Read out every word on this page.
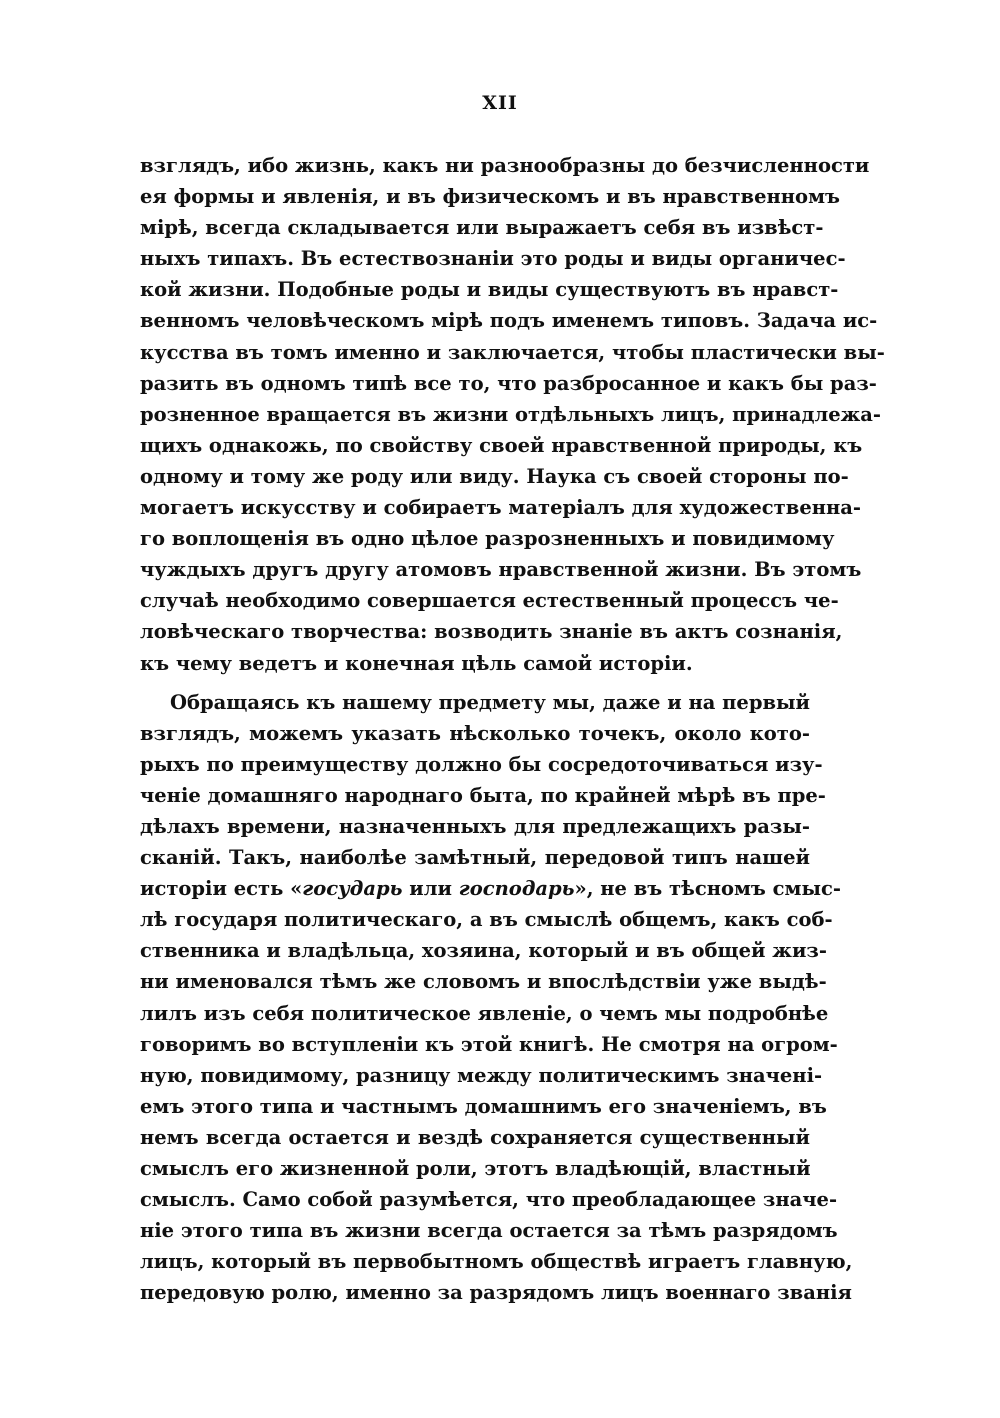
XII
взглядъ, ибо жизнь, какъ ни разнообразны до безчисленности
ея формы и явленія, и въ физическомъ и въ нравственномъ
мірѣ, всегда складывается или выражаетъ себя въ извѣст-
ныхъ типахъ. Въ естествознаніи это роды и виды органичес-
кой жизни. Подобные роды и виды существуютъ въ нравст-
венномъ человѣческомъ мірѣ подъ именемъ типовъ. Задача ис-
кусства въ томъ именно и заключается, чтобы пластически вы-
разить въ одномъ типѣ все то, что разбросанное и какъ бы раз-
розненное вращается въ жизни отдѣльныхъ лицъ, принадлежа-
щихъ однакожь, по свойству своей нравственной природы, къ
одному и тому же роду или виду. Наука съ своей стороны по-
могаетъ искусству и собираетъ матеріалъ для художественна-
го воплощенія въ одно цѣлое разрозненныхъ и повидимому
чуждыхъ другъ другу атомовъ нравственной жизни. Въ этомъ
случаѣ необходимо совершается естественный процессъ че-
ловѣческаго творчества: возводить знаніе въ актъ сознанія,
къ чему ведетъ и конечная цѣль самой исторіи.
Обращаясь къ нашему предмету мы, даже и на первый
взглядъ, можемъ указать нѣсколько точекъ, около кото-
рыхъ по преимуществу должно бы сосредоточиваться изу-
ченіе домашняго народнаго быта, по крайней мѣрѣ въ пре-
дѣлахъ времени, назначенныхъ для предлежащихъ разы-
сканій. Такъ, наиболѣе замѣтный, передовой типъ нашей
исторіи есть «государь или господарь», не въ тѣсномъ смыс-
лѣ государя политическаго, а въ смыслѣ общемъ, какъ соб-
ственника и владѣльца, хозяина, который и въ общей жиз-
ни именовался тѣмъ же словомъ и впослѣдствіи уже выдѣ-
лилъ изъ себя политическое явленіе, о чемъ мы подробнѣе
говоримъ во вступленіи къ этой книгѣ. Не смотря на огром-
ную, повидимому, разницу между политическимъ значені-
емъ этого типа и частнымъ домашнимъ его значеніемъ, въ
немъ всегда остается и вездѣ сохраняется существенный
смыслъ его жизненной роли, этотъ владѣющій, властный
смыслъ. Само собой разумѣется, что преобладающее значе-
ніе этого типа въ жизни всегда остается за тѣмъ разрядомъ
лицъ, который въ первобытномъ обществѣ играетъ главную,
передовую ролю, именно за разрядомъ лицъ военнаго званія
